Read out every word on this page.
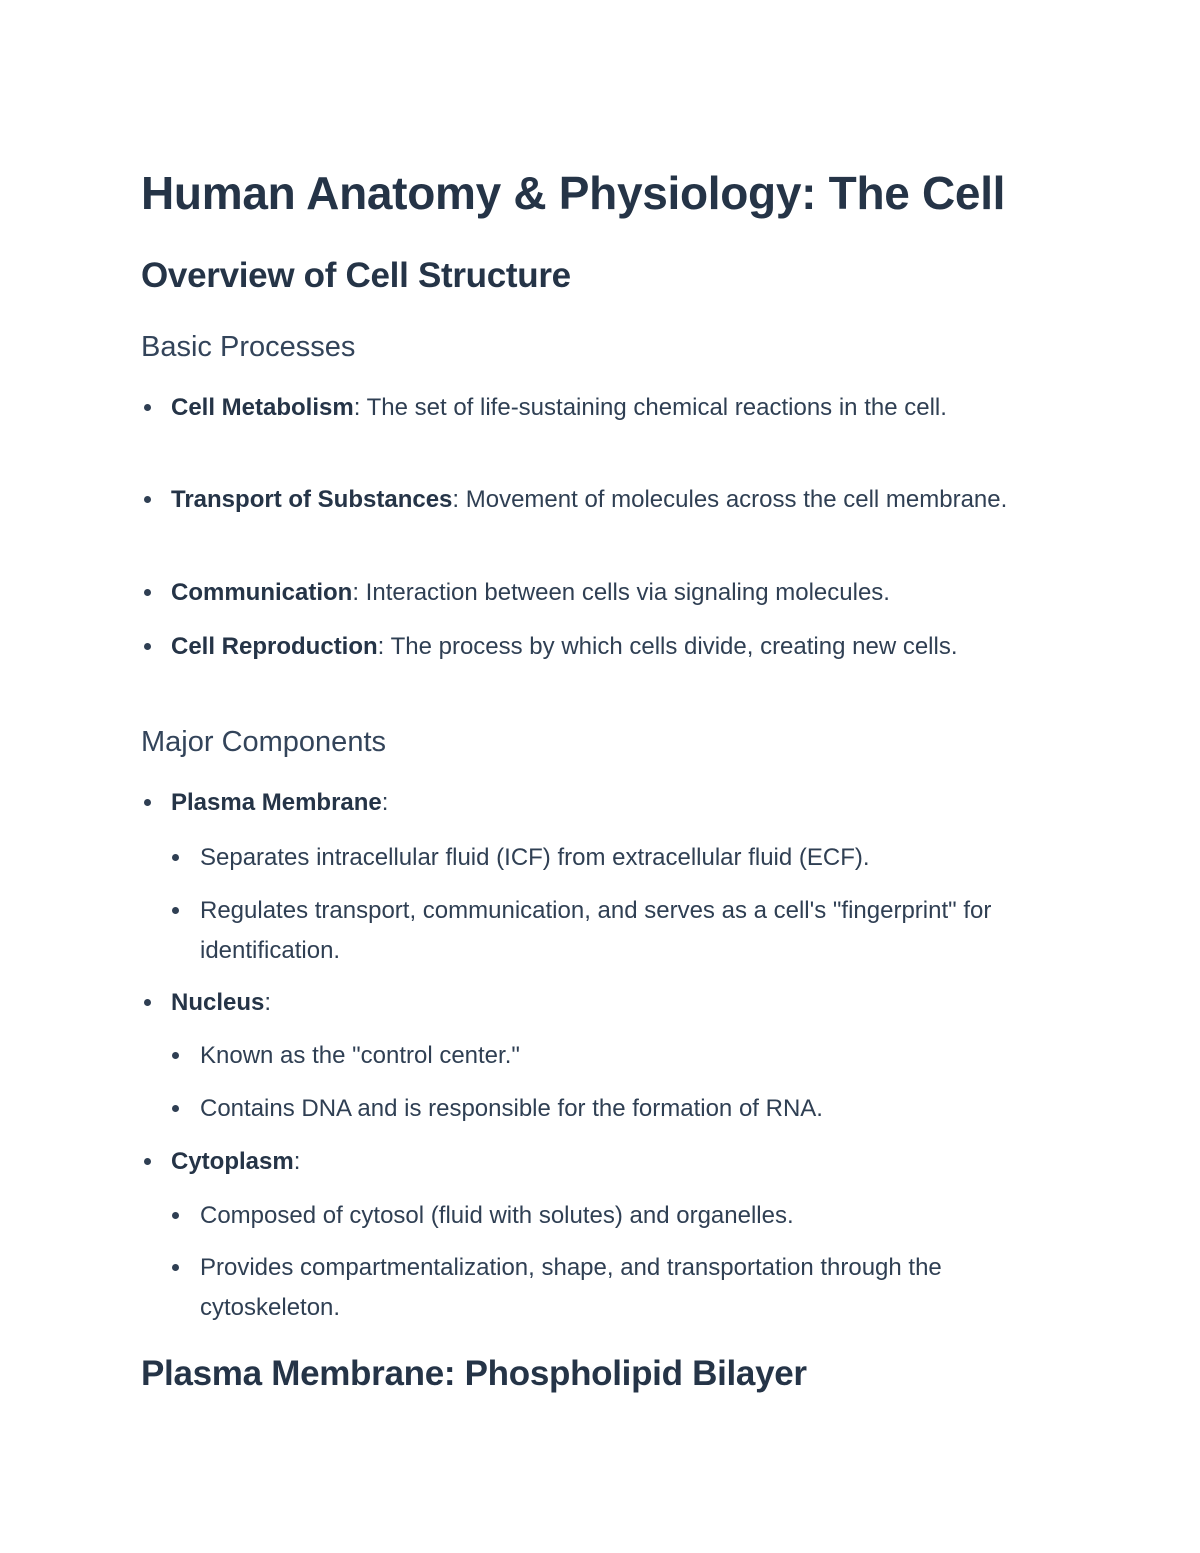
Human Anatomy & Physiology: The Cell
Overview of Cell Structure
Basic Processes
Cell Metabolism: The set of life-sustaining chemical reactions in the cell.
Transport of Substances: Movement of molecules across the cell membrane.
Communication: Interaction between cells via signaling molecules.
Cell Reproduction: The process by which cells divide, creating new cells.
Major Components
Plasma Membrane:
Separates intracellular fluid (ICF) from extracellular fluid (ECF).
Regulates transport, communication, and serves as a cell's "fingerprint" for identification.
Nucleus:
Known as the "control center."
Contains DNA and is responsible for the formation of RNA.
Cytoplasm:
Composed of cytosol (fluid with solutes) and organelles.
Provides compartmentalization, shape, and transportation through the cytoskeleton.
Plasma Membrane: Phospholipid Bilayer
